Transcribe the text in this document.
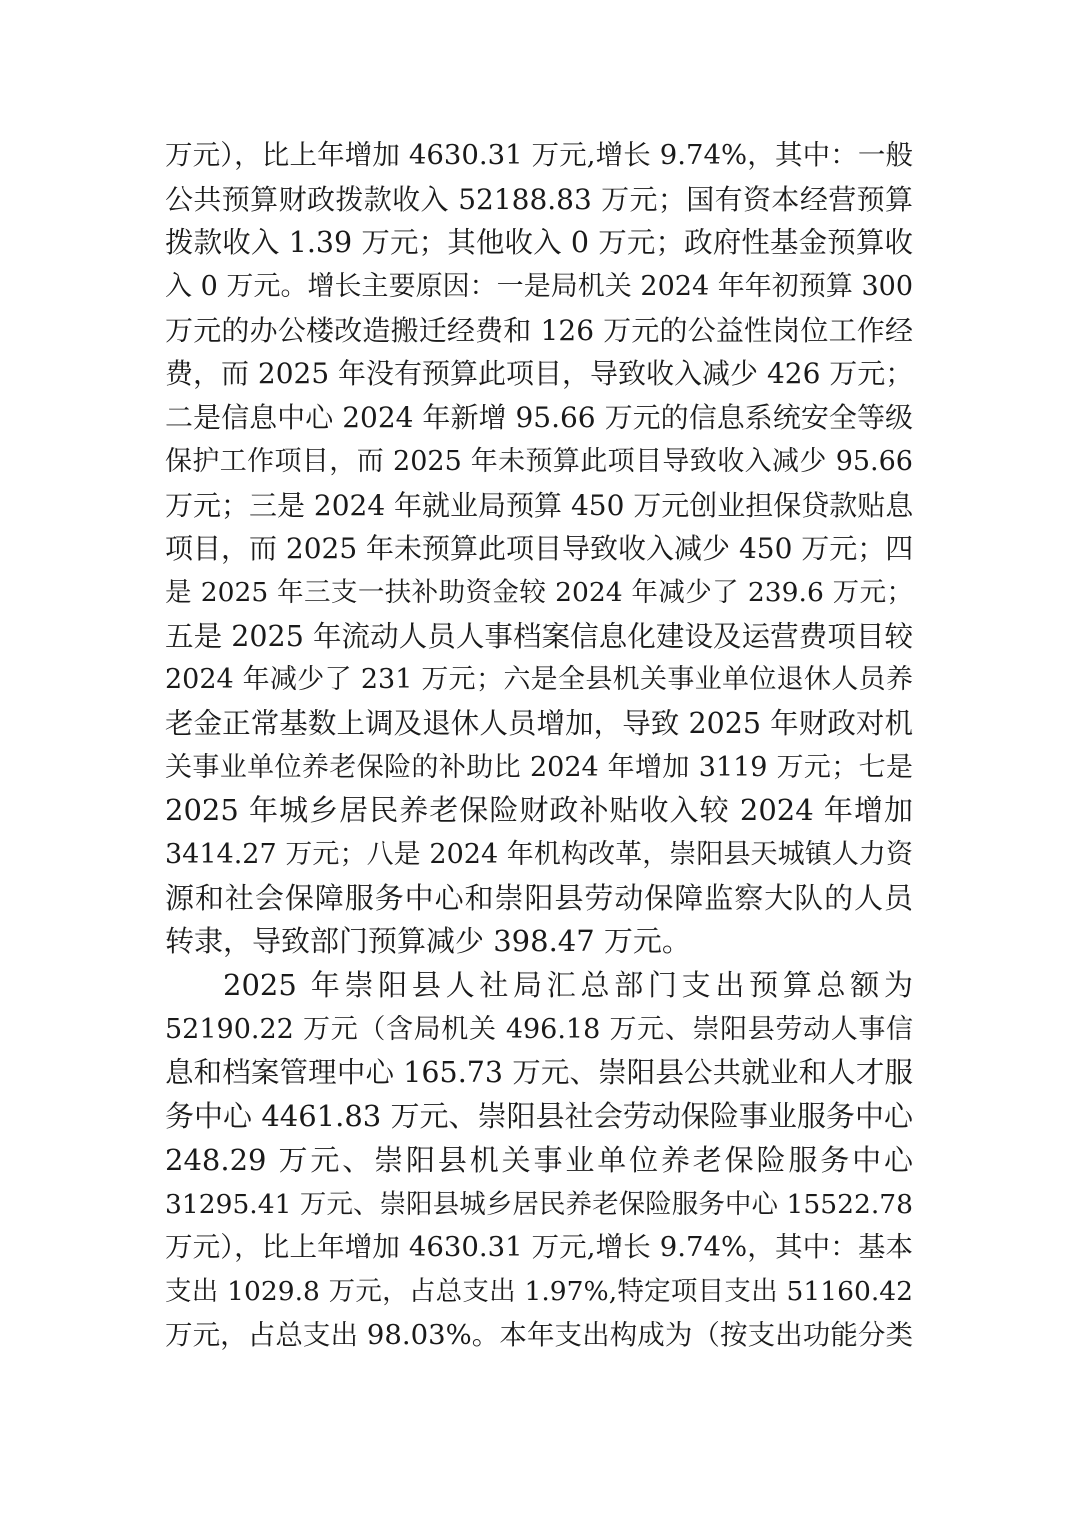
万元），比上年增加 4630.31 万元,增长 9.74%，其中：一般
公共预算财政拨款收入 52188.83 万元；国有资本经营预算
拨款收入 1.39 万元；其他收入 0 万元；政府性基金预算收
入 0 万元。增长主要原因：一是局机关 2024 年年初预算 300
万元的办公楼改造搬迁经费和 126 万元的公益性岗位工作经
费，而 2025 年没有预算此项目，导致收入减少 426 万元；
二是信息中心 2024 年新增 95.66 万元的信息系统安全等级
保护工作项目，而 2025 年未预算此项目导致收入减少 95.66
万元；三是 2024 年就业局预算 450 万元创业担保贷款贴息
项目，而 2025 年未预算此项目导致收入减少 450 万元；四
是 2025 年三支一扶补助资金较 2024 年减少了 239.6 万元；
五是 2025 年流动人员人事档案信息化建设及运营费项目较
2024 年减少了 231 万元；六是全县机关事业单位退休人员养
老金正常基数上调及退休人员增加，导致 2025 年财政对机
关事业单位养老保险的补助比 2024 年增加 3119 万元；七是
2025 年城乡居民养老保险财政补贴收入较 2024 年增加
3414.27 万元；八是 2024 年机构改革，崇阳县天城镇人力资
源和社会保障服务中心和崇阳县劳动保障监察大队的人员
转隶，导致部门预算减少 398.47 万元。
2025 年崇阳县人社局汇总部门支出预算总额为
52190.22 万元（含局机关 496.18 万元、崇阳县劳动人事信
息和档案管理中心 165.73 万元、崇阳县公共就业和人才服
务中心 4461.83 万元、崇阳县社会劳动保险事业服务中心
248.29 万元、崇阳县机关事业单位养老保险服务中心
31295.41 万元、崇阳县城乡居民养老保险服务中心 15522.78
万元），比上年增加 4630.31 万元,增长 9.74%，其中：基本
支出 1029.8 万元，占总支出 1.97%,特定项目支出 51160.42
万元，占总支出 98.03%。本年支出构成为（按支出功能分类
